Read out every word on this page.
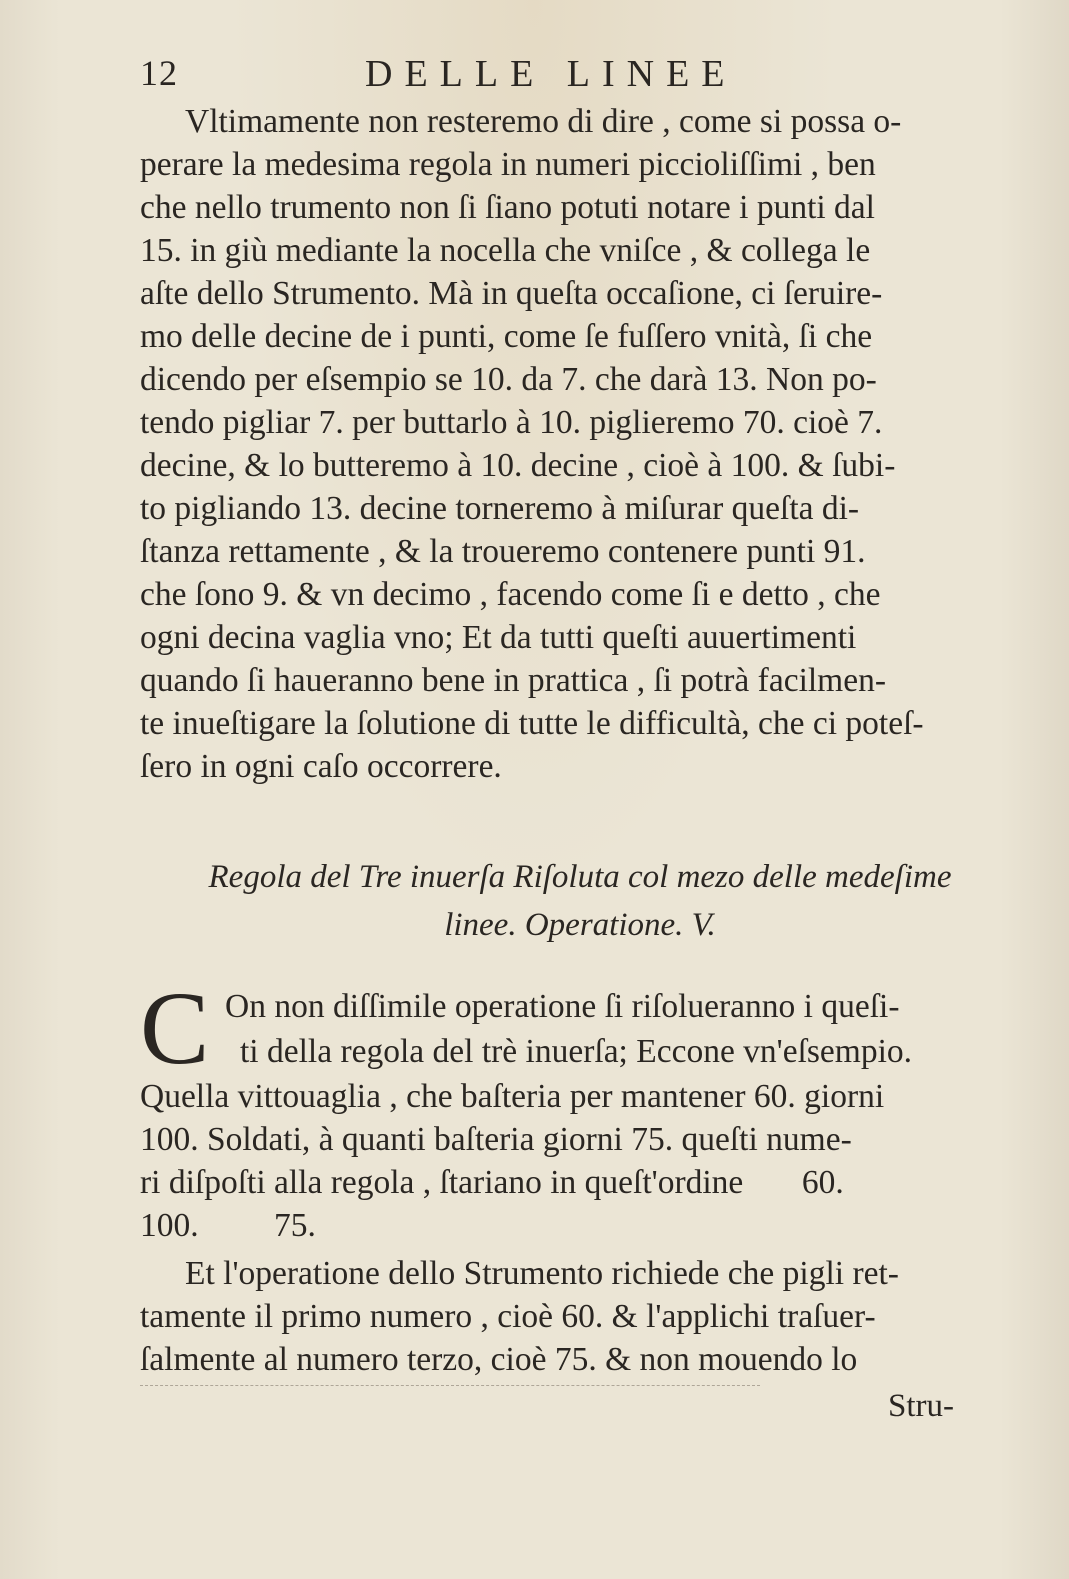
12	DELLE LINEE
Vltimamente non resteremo di dire , come si possa o-
perare la medesima regola in numeri piccioliſſimi , ben
che nello trumento non ſi ſiano potuti notare i punti dal
15. in giù mediante la nocella che vniſce , & collega le
aſte dello Strumento. Mà in queſta occaſione, ci ſeruire-
mo delle decine de i punti, come ſe fuſſero vnità, ſi che
dicendo per eſsempio se 10. da 7. che darà 13. Non po-
tendo pigliar 7. per buttarlo à 10. piglieremo 70. cioè 7.
decine, & lo butteremo à 10. decine , cioè à 100. & ſubi-
to pigliando 13. decine torneremo à miſurar queſta di-
ſtanza rettamente , & la troueremo contenere punti 91.
che ſono 9. & vn decimo , facendo come ſi e detto , che
ogni decina vaglia vno; Et da tutti queſti auuertimenti
quando ſi haueranno bene in prattica , ſi potrà facilmen-
te inueſtigare la ſolutione di tutte le difficultà, che ci poteſ-
ſero in ogni caſo occorrere.
Regola del Tre inuerſa Riſoluta col mezo delle medeſime
linee. Operatione. V.
C On non diſſimile operatione ſi riſolueranno i queſi-
ti della regola del trè inuerſa; Eccone vn'eſsempio.
Quella vittouaglia , che baſteria per mantener 60. giorni
100. Soldati, à quanti baſteria giorni 75. queſti nume-
ri diſpoſti alla regola , ſtariano in queſt'ordine       60.
100.         75.
Et l'operatione dello Strumento richiede che pigli ret-
tamente il primo numero , cioè 60. & l'applichi traſuer-
ſalmente al numero terzo, cioè 75. & non mouendo lo
Stru-
